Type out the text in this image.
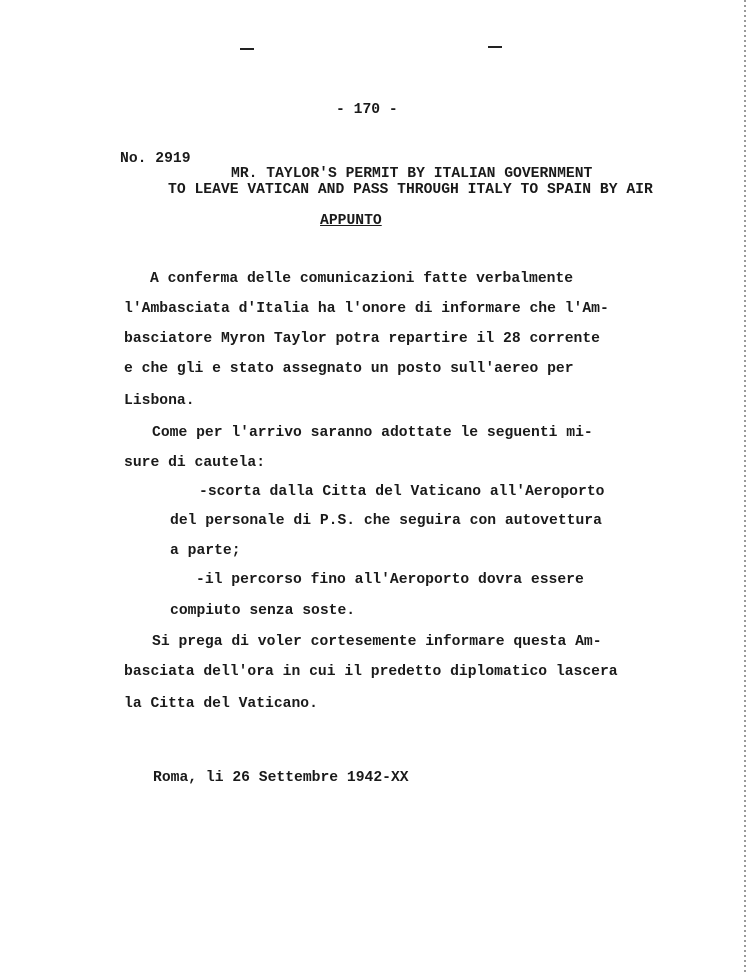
- 170 -
No. 2919
MR. TAYLOR'S PERMIT BY ITALIAN GOVERNMENT
TO LEAVE VATICAN AND PASS THROUGH ITALY TO SPAIN BY AIR
APPUNTO
A conferma delle comunicazioni fatte verbalmente
l'Ambasciata d'Italia ha l'onore di informare che l'Am-
basciatore Myron Taylor potra repartire il 28 corrente
e che gli e stato assegnato un posto sull'aereo per
Lisbona.
Come per l'arrivo saranno adottate le seguenti mi-
sure di cautela:
-scorta dalla Citta del Vaticano all'Aeroporto
del personale di P.S. che seguira con autovettura
a parte;
-il percorso fino all'Aeroporto dovra essere
compiuto senza soste.
Si prega di voler cortesemente informare questa Am-
basciata dell'ora in cui il predetto diplomatico lascera
la Citta del Vaticano.
Roma, li 26 Settembre 1942-XX
